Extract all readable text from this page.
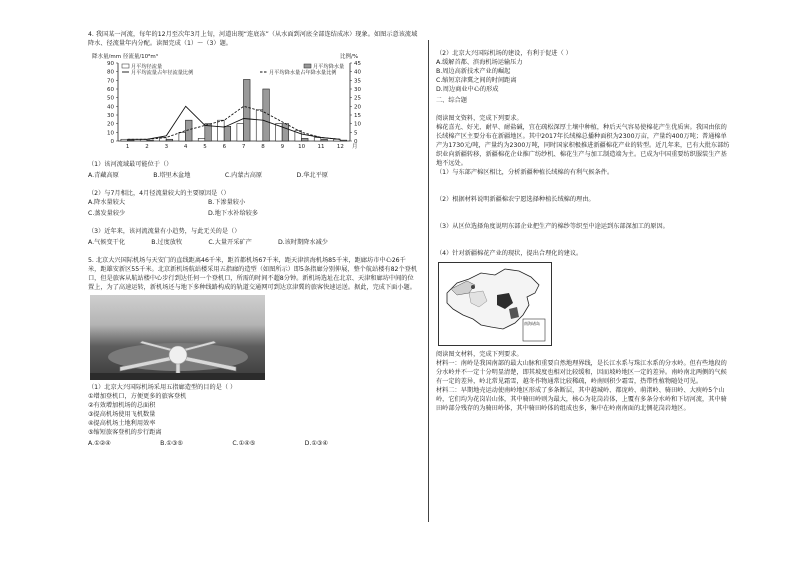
4. 我国某一河流，每年的12月至次年3月上旬，河道出现“连底冻”（从水面到河底全部连结成冰）现象。如图示意该流域降水、径流量年内分配。读图完成（1）～（3）题。

降水量/mm 径流量/10⁸m³	比例/%
0
10
20
30
40
50
60
70
80
90
0
5
10
15
20
25
30
35
40
45
1	2	3	4	5	6	7	8	9	10 11 12 月
月平均径流量	月平均降水量
月平均流量占年径流量比例	月平均降水量占年降水量比例

（1）该河流域最可能位于（）

A.青藏高原	B.塔里木盆地	C.内蒙古高原	D.华北平原

（2）与7月相比，4月径流量较大的主要原因是（）

A.降水量较大	B.下渗量较小
C.蒸发量较少	D.地下水补给较多

（3）近年来，该河流流量有小趋势，与此无关的是（）

A.气候变干化	B.过度放牧	C.大量开采矿产	D.该时期降水减少

5. 北京大兴国际机场与天安门的直线距离46千米，距首都机场67千米，距天津滨海机场85千米，距廊坊市中心26千米，距雄安新区55千米。北京新机场航站楼采用五指廊的造型（如图所示）即5条指廊分别伸展，整个航站楼有82个登机口，但是旅客从航站楼中心步行到达任何一个登机口，所需的时间不超8分钟。新机场选址在北京、天津和廊坊中间的位置上，为了高速运转，新机场还与地下多种线路构成的轨道交通网可到达京津冀的旅客快速运送。据此，完成下面小题。

（1）北京大兴国际机场采用五指廊造型的目的是（ ）

①增加登机口，方便更多的旅客登机

②有效增加机场的总面积

③提高机场使用飞机数量

④提高机场土地利用效率

⑤缩短旅客登机的步行距离

A.①②④	B.①③⑤	C.①④⑤	D.①③④

（2）北京大兴国际机场的建设，有利于促进（ ）

A.缓解首都、滨海机场运输压力

B.周边高新技术产业的崛起

C.缩短京津冀之间的时间距离

D.周边商业中心的形成

二、综合题

阅读图文资料，完成下列要求。

棉花喜光、好光、耐旱、耐盐碱，宜在疏松深厚土壤中种植，种后天气容易使棉花产生优质害。我国由依的长绒棉产区主要分布在新疆地区。其中2017年长绒棉总播种面积为2300万亩，产量约400万吨；普通棉单产为1730元/吨，产量约为2300万吨，同时国家积极推进新疆棉花产业的转型。近几年来，已有大批东部纺织业向新疆转移，新疆棉花企业推广纺纱机、棉花生产与加工制造端为主。已成为中国重要纺织服装生产基地不远处。

（1）与东部产棉区相比，分析新疆种植长绒棉的有利气候条件。

（2）根据材料说明新疆棉农宁愿选择种植长绒棉的理由。

（3）从区位选择角度说明东部企业把生产的棉纱等织至中途运到东部深加工的原因。

（4）针对新疆棉花产业的现状，提出合理化的建议。

南海诸岛

阅读图文材料，完成下列要求。

材料一：南岭是我国南部的最大山脉和重要自然地理界线，是长江水系与珠江水系的分水岭。但有些地段的分水岭并不一定十分明显清楚，即其坡度也相对比较缓和，因而坡岭地区一定的差异。南岭南北两侧的气候有一定的差异，岭北常见霜雪，越冬作物通常比较稀疏，岭南则积少霜雪，热带性植物随处可见。

材料二：早期地壳运动使南岭地区形成了多条断层，其中越城岭、都庞岭、萌渚岭、骑田岭、大庾岭5个山岭，它们均为花岗岩山体，其中骑田岭则为最大，核心为花岗岩体，上覆有多条分水岭和下切河流，其中骑田岭部分残存的为骑田岭体，其中骑田岭体的组成也多，集中在岭南南面的北侧花岗岩地区。
